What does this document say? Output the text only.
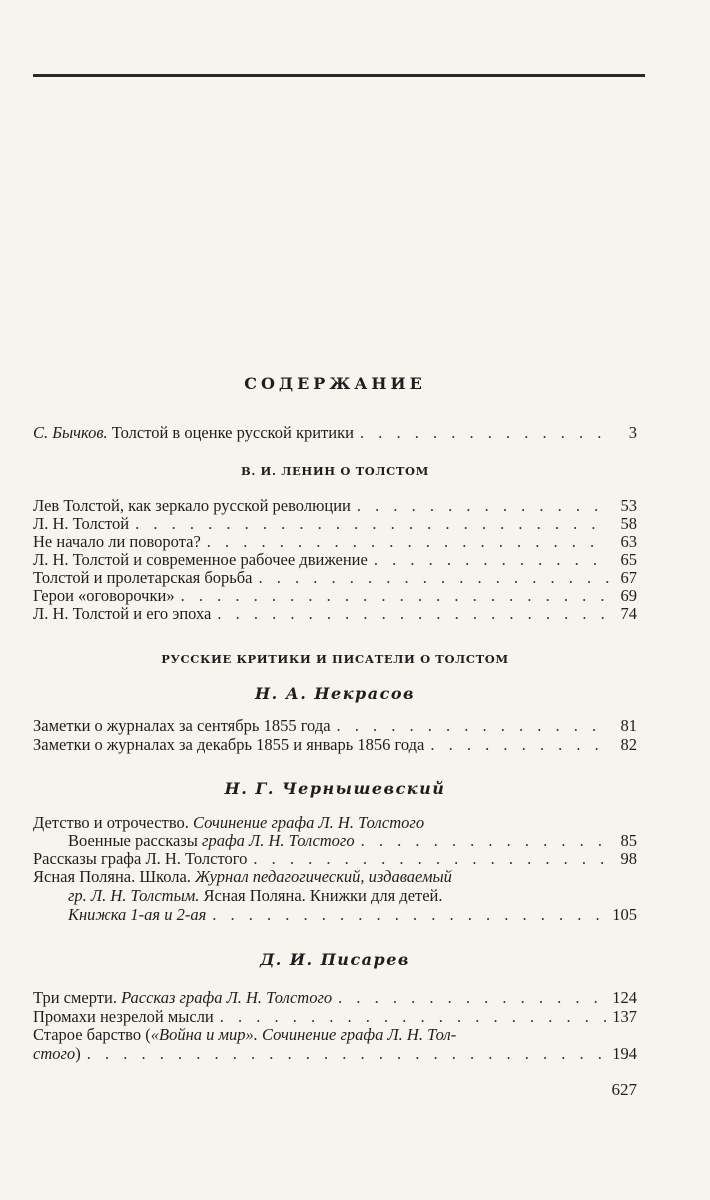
СОДЕРЖАНИЕ
С. Бычков. Толстой в оценке русской критики . . .	3
В. И. ЛЕНИН О ТОЛСТОМ
Лев Толстой, как зеркало русской революции . . .	53
Л. Н. Толстой . . .	58
Не начало ли поворота? . . .	63
Л. Н. Толстой и современное рабочее движение . . .	65
Толстой и пролетарская борьба . . .	67
Герои «оговорочки» . . .	69
Л. Н. Толстой и его эпоха . . .	74
РУССКИЕ КРИТИКИ И ПИСАТЕЛИ О ТОЛСТОМ
Н. А. Некрасов
Заметки о журналах за сентябрь 1855 года . . .	81
Заметки о журналах за декабрь 1855 и январь 1856 года . . .	82
Н. Г. Чернышевский
Детство и отрочество. Сочинение графа Л. Н. Толстого
Военные рассказы графа Л. Н. Толстого . . .	85
Рассказы графа Л. Н. Толстого . . .	98
Ясная Поляна. Школа. Журнал педагогический, издаваемый
гр. Л. Н. Толстым. Ясная Поляна. Книжки для детей.
Книжка 1-ая и 2-ая . . .	105
Д. И. Писарев
Три смерти. Рассказ графа Л. Н. Толстого . . .	124
Промахи незрелой мысли . . .	137
Старое барство («Война и мир». Сочинение графа Л. Н. Тол-
стого) . . .	194
627
